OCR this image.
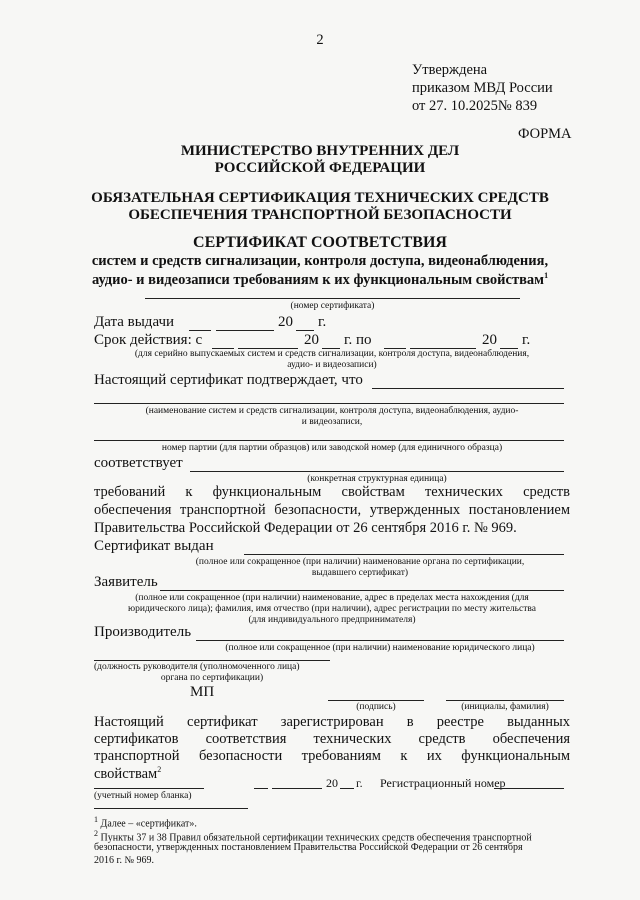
2
Утверждена
приказом МВД России
от 27. 10.2025№ 839
ФОРМА
МИНИСТЕРСТВО ВНУТРЕННИХ ДЕЛ
РОССИЙСКОЙ ФЕДЕРАЦИИ
ОБЯЗАТЕЛЬНАЯ СЕРТИФИКАЦИЯ ТЕХНИЧЕСКИХ СРЕДСТВ
ОБЕСПЕЧЕНИЯ ТРАНСПОРТНОЙ БЕЗОПАСНОСТИ
СЕРТИФИКАТ СООТВЕТСТВИЯ
систем и средств сигнализации, контроля доступа, видеонаблюдения,
аудио- и видеозаписи требованиям к их функциональным свойствам$^1$
(номер сертификата)
Дата выдачи	20 г.
Срок действия: с	20 г. по	20 г.
(для серийно выпускаемых систем и средств сигнализации, контроля доступа, видеонаблюдения,
аудио- и видеозаписи)
Настоящий сертификат подтверждает, что
(наименование систем и средств сигнализации, контроля доступа, видеонаблюдения, аудио-
и видеозаписи,
номер партии (для партии образцов) или заводской номер (для единичного образца)
соответствует
(конкретная структурная единица)
требований к функциональным свойствам технических средств
обеспечения транспортной безопасности, утвержденных постановлением
Правительства Российской Федерации от 26 сентября 2016 г. № 969.
Сертификат выдан
(полное или сокращенное (при наличии) наименование органа по сертификации,
выдавшего сертификат)
Заявитель
(полное или сокращенное (при наличии) наименование, адрес в пределах места нахождения (для
юридического лица); фамилия, имя отчество (при наличии), адрес регистрации по месту жительства
(для индивидуального предпринимателя)
Производитель
(полное или сокращенное (при наличии) наименование юридического лица)
(должность руководителя (уполномоченного лица)
органа по сертификации)
МП
(подпись)	(инициалы, фамилия)
Настоящий сертификат зарегистрирован в реестре выданных
сертификатов соответствия технических средств обеспечения
транспортной безопасности требованиям к их функциональным
свойствам$^2$
(учетный номер бланка)
20 г. Регистрационный номер
$^1$ Далее – «сертификат».
$^2$ Пункты 37 и 38 Правил обязательной сертификации технических средств обеспечения транспортной
безопасности, утвержденных постановлением Правительства Российской Федерации от 26 сентября
2016 г. № 969.
